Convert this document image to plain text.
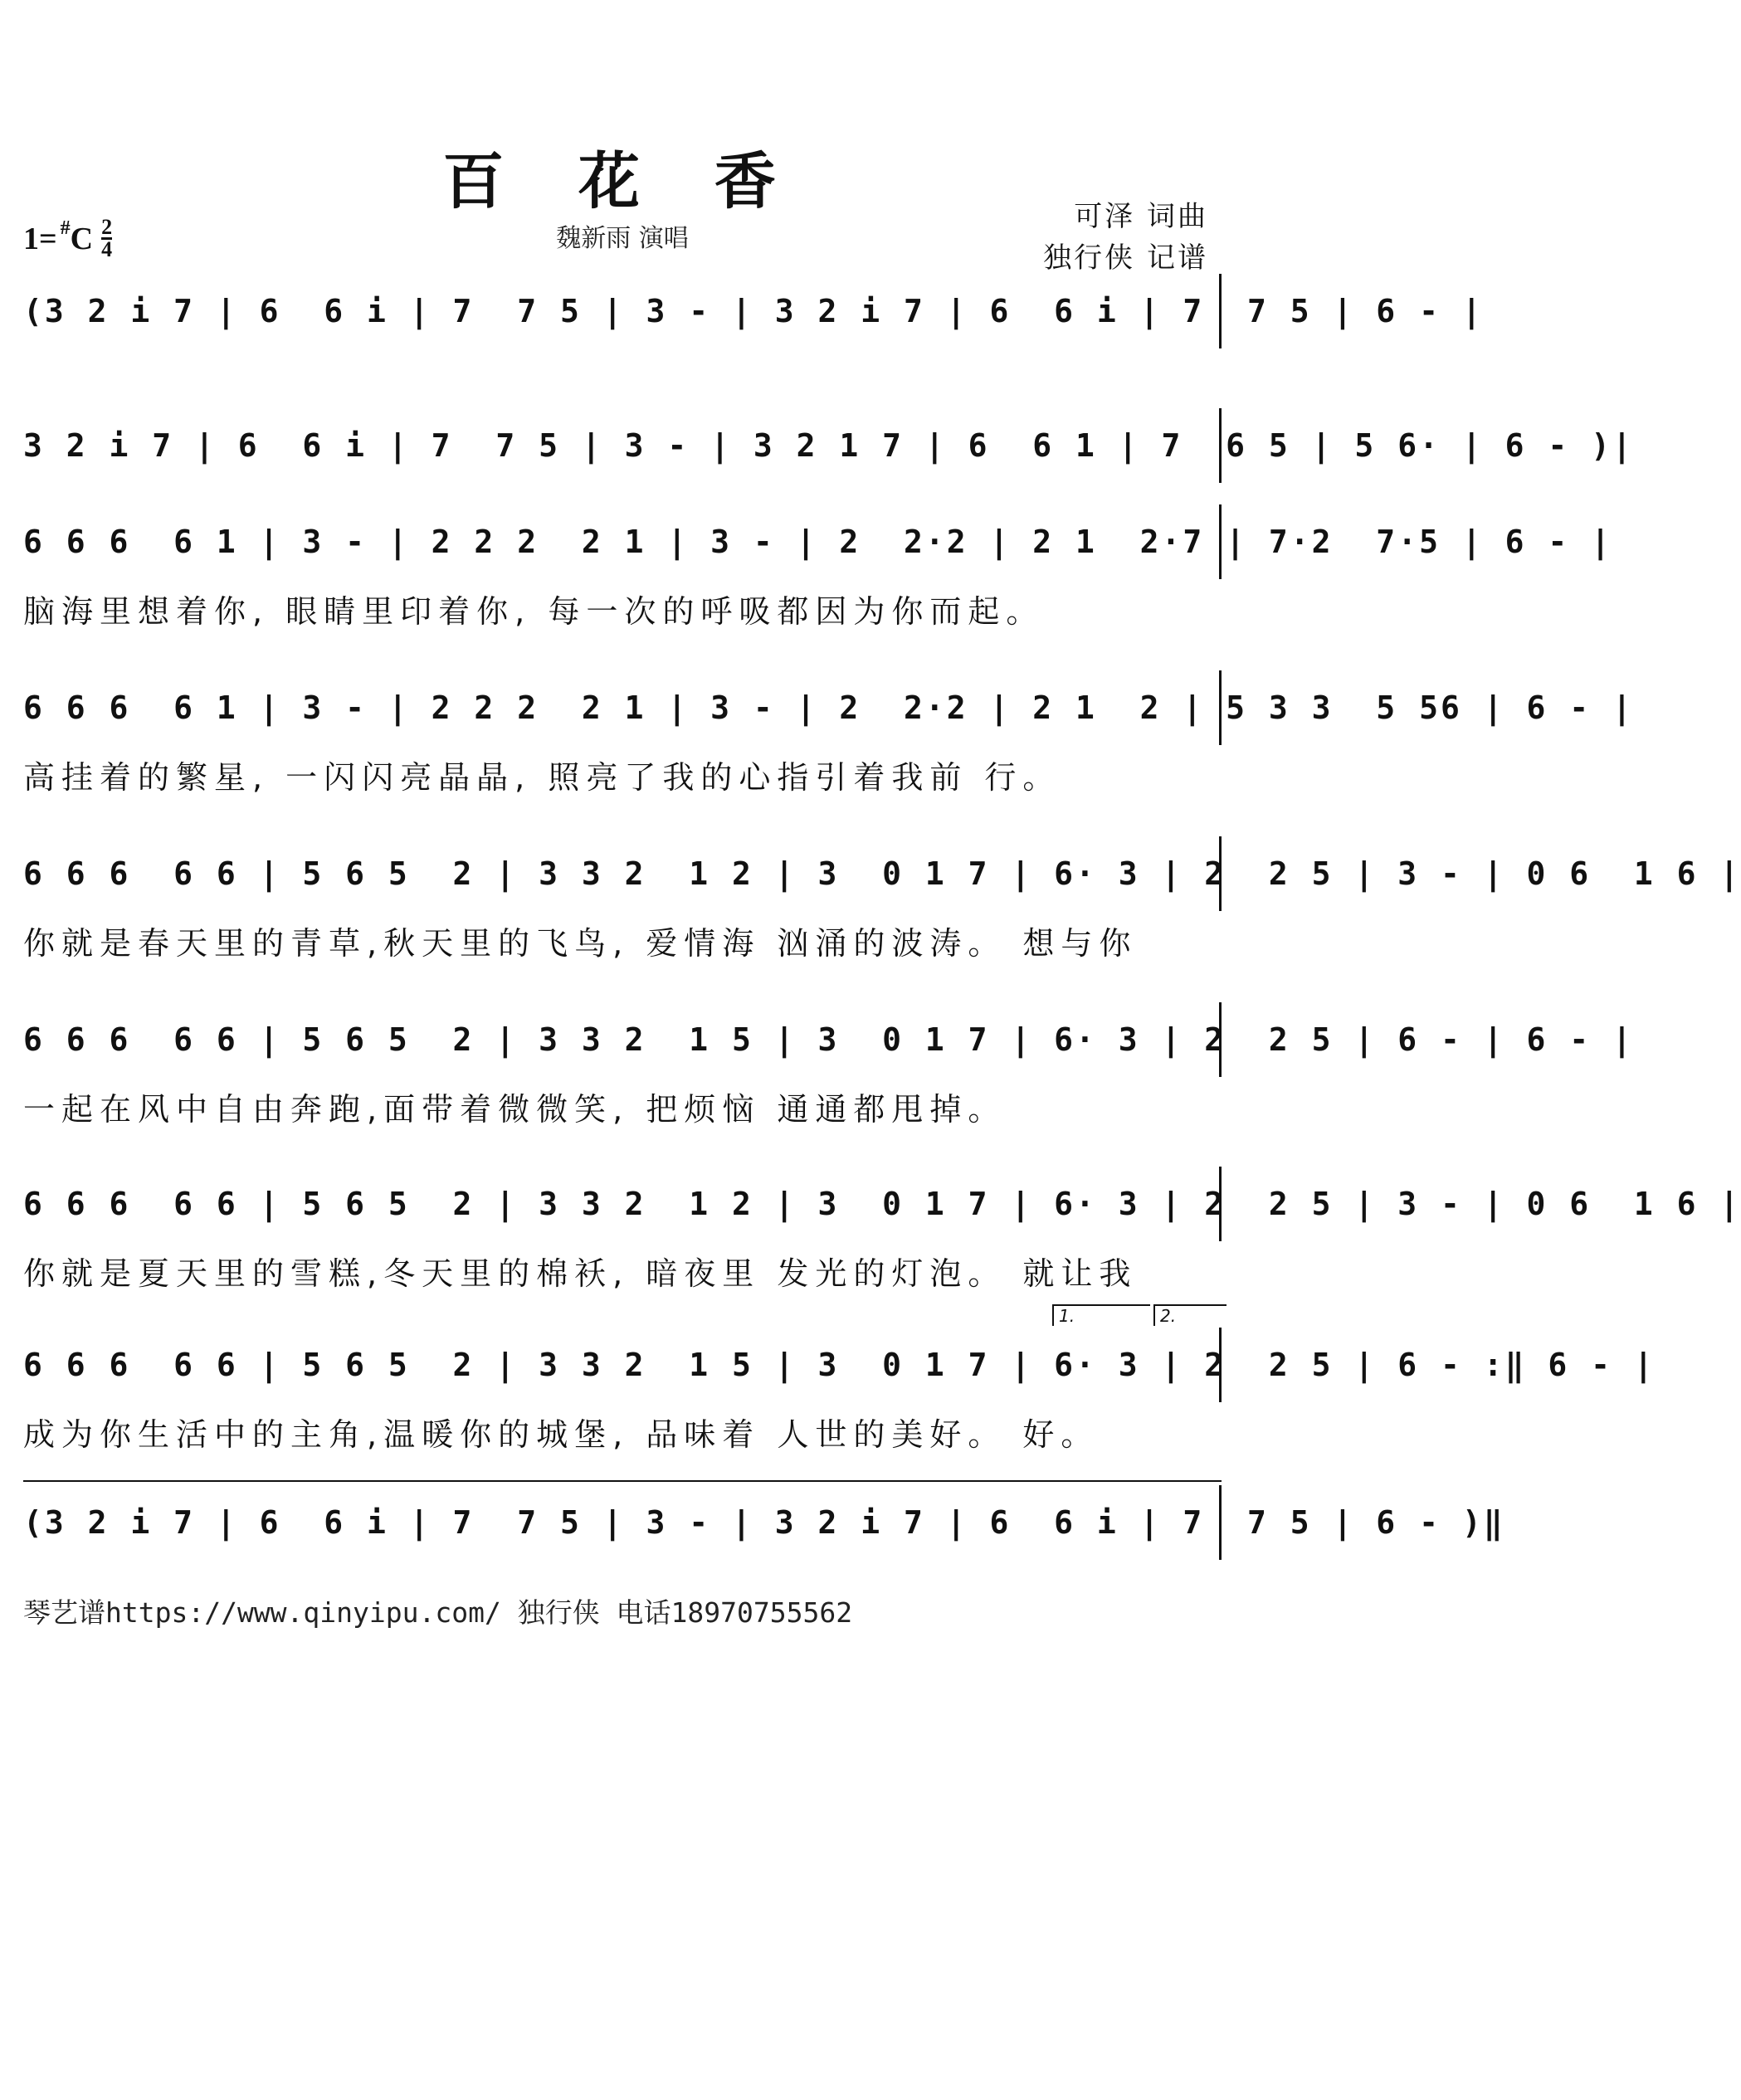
百 花 香
魏新雨 演唱
1= # C 2
4
可泽 词曲
独行侠 记谱
(3 2 i 7 | 6  6 i | 7  7 5 | 3 - | 3 2 i 7 | 6  6 i | 7  7 5 | 6 - |
3 2 i 7 | 6  6 i | 7  7 5 | 3 - | 3 2 1 7 | 6  6 1 | 7  6 5 | 5 6· | 6 - )|
6 6 6  6 1 | 3 - | 2 2 2  2 1 | 3 - | 2  2·2 | 2 1  2·7 | 7·2  7·5 | 6 - |
脑海里想着你, 眼睛里印着你, 每一次的呼吸都因为你而起。
6 6 6  6 1 | 3 - | 2 2 2  2 1 | 3 - | 2  2·2 | 2 1  2 | 5 3 3  5 56 | 6 - |
高挂着的繁星, 一闪闪亮晶晶, 照亮了我的心指引着我前 行。
6 6 6  6 6 | 5 6 5  2 | 3 3 2  1 2 | 3  0 1 7 | 6· 3 | 2  2 5 | 3 - | 0 6  1 6 |
你就是春天里的青草,秋天里的飞鸟, 爱情海 汹涌的波涛。 想与你
6 6 6  6 6 | 5 6 5  2 | 3 3 2  1 5 | 3  0 1 7 | 6· 3 | 2  2 5 | 6 - | 6 - |
一起在风中自由奔跑,面带着微微笑, 把烦恼 通通都甩掉。
6 6 6  6 6 | 5 6 5  2 | 3 3 2  1 2 | 3  0 1 7 | 6· 3 | 2  2 5 | 3 - | 0 6  1 6 |
你就是夏天里的雪糕,冬天里的棉袄, 暗夜里 发光的灯泡。 就让我
1.	2.
6 6 6  6 6 | 5 6 5  2 | 3 3 2  1 5 | 3  0 1 7 | 6· 3 | 2  2 5 | 6 - :‖ 6 - |
成为你生活中的主角,温暖你的城堡, 品味着 人世的美好。 好。
(3 2 i 7 | 6  6 i | 7  7 5 | 3 - | 3 2 i 7 | 6  6 i | 7  7 5 | 6 - )‖
琴艺谱https://www.qinyipu.com/ 独行侠 电话18970755562
